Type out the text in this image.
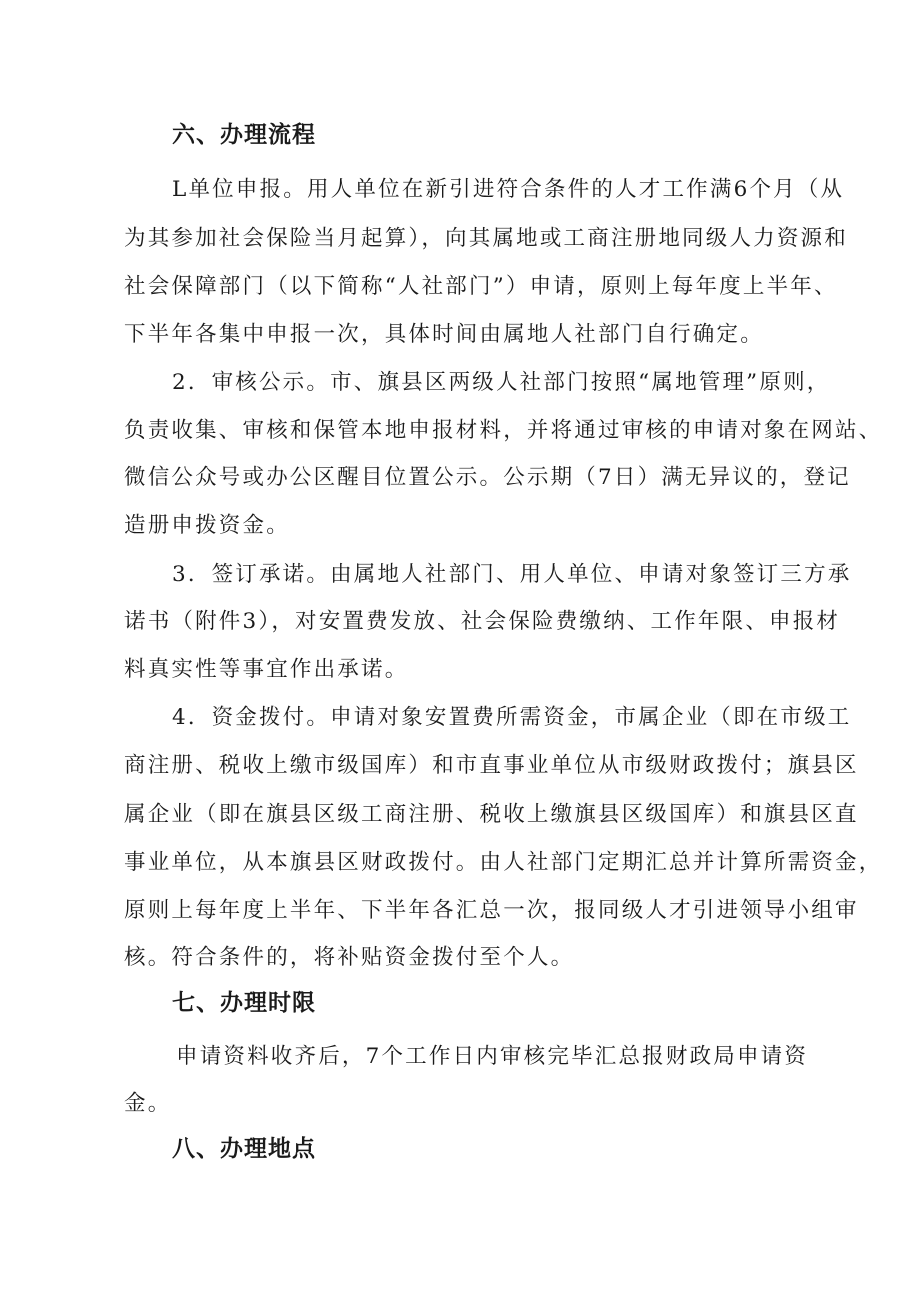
六、办理流程
L单位申报。用人单位在新引进符合条件的人才工作满6个月（从
为其参加社会保险当月起算），向其属地或工商注册地同级人力资源和
社会保障部门（以下简称“人社部门”）申请，原则上每年度上半年、
下半年各集中申报一次，具体时间由属地人社部门自行确定。
2．审核公示。市、旗县区两级人社部门按照“属地管理”原则，
负责收集、审核和保管本地申报材料，并将通过审核的申请对象在网站、
微信公众号或办公区醒目位置公示。公示期（7日）满无异议的，登记
造册申拨资金。
3．签订承诺。由属地人社部门、用人单位、申请对象签订三方承
诺书（附件3），对安置费发放、社会保险费缴纳、工作年限、申报材
料真实性等事宜作出承诺。
4．资金拨付。申请对象安置费所需资金，市属企业（即在市级工
商注册、税收上缴市级国库）和市直事业单位从市级财政拨付；旗县区
属企业（即在旗县区级工商注册、税收上缴旗县区级国库）和旗县区直
事业单位，从本旗县区财政拨付。由人社部门定期汇总并计算所需资金，
原则上每年度上半年、下半年各汇总一次，报同级人才引进领导小组审
核。符合条件的，将补贴资金拨付至个人。
七、办理时限
申请资料收齐后，7个工作日内审核完毕汇总报财政局申请资
金。
八、办理地点
